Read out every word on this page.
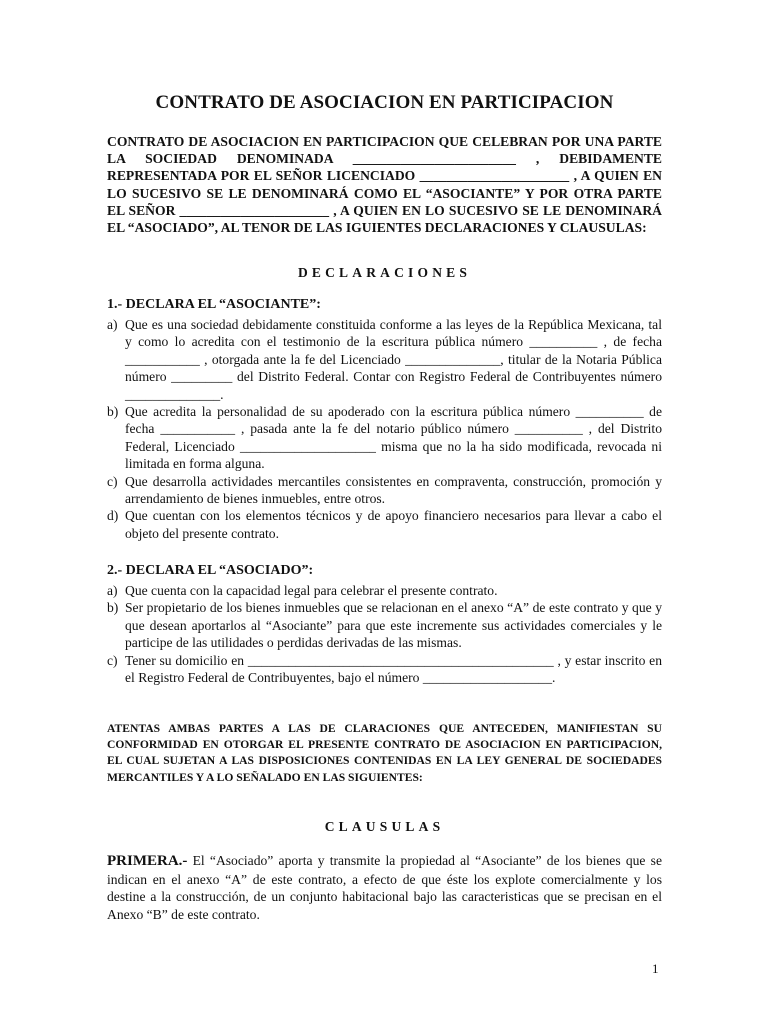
CONTRATO DE ASOCIACION EN PARTICIPACION
CONTRATO DE ASOCIACION EN PARTICIPACION QUE CELEBRAN POR UNA PARTE LA SOCIEDAD DENOMINADA ________________________ , DEBIDAMENTE REPRESENTADA POR EL SEÑOR LICENCIADO ______________________ , A QUIEN EN LO SUCESIVO SE LE DENOMINARÁ COMO EL “ASOCIANTE” Y POR OTRA PARTE EL SEÑOR ______________________ , A QUIEN EN LO SUCESIVO SE LE DENOMINARÁ EL “ASOCIADO”, AL TENOR DE LAS IGUIENTES DECLARACIONES Y CLAUSULAS:
DECLARACIONES
1.- DECLARA EL “ASOCIANTE”:
a) Que es una sociedad debidamente constituida conforme a las leyes de la República Mexicana, tal y como lo acredita con el testimonio de la escritura pública número __________ , de fecha ___________ , otorgada ante la fe del Licenciado ______________, titular de la Notaria Pública número _________ del Distrito Federal. Contar con Registro Federal de Contribuyentes número ______________.
b) Que acredita la personalidad de su apoderado con la escritura pública número __________ de fecha ___________ , pasada ante la fe del notario público número __________ , del Distrito Federal, Licenciado ____________________ misma que no la ha sido modificada, revocada ni limitada en forma alguna.
c) Que desarrolla actividades mercantiles consistentes en compraventa, construcción, promoción y arrendamiento de bienes inmuebles, entre otros.
d) Que cuentan con los elementos técnicos y de apoyo financiero necesarios para llevar a cabo el objeto del presente contrato.
2.- DECLARA EL “ASOCIADO”:
a) Que cuenta con la capacidad legal para celebrar el presente contrato.
b) Ser propietario de los bienes inmuebles que se relacionan en el anexo “A” de este contrato y que y que desean aportarlos al “Asociante” para que este incremente sus actividades comerciales y le participe de las utilidades o perdidas derivadas de las mismas.
c) Tener su domicilio en _____________________________________________ , y estar inscrito en el Registro Federal de Contribuyentes, bajo el número ___________________.
ATENTAS AMBAS PARTES A LAS DE CLARACIONES QUE ANTECEDEN, MANIFIESTAN SU CONFORMIDAD EN OTORGAR EL PRESENTE CONTRATO DE ASOCIACION EN PARTICIPACION, EL CUAL SUJETAN A LAS DISPOSICIONES CONTENIDAS EN LA LEY GENERAL DE SOCIEDADES MERCANTILES Y A LO SEÑALADO EN LAS SIGUIENTES:
CLAUSULAS
PRIMERA.- El “Asociado” aporta y transmite la propiedad al “Asociante” de los bienes que se indican en el anexo “A” de este contrato, a efecto de que éste los explote comercialmente y los destine a la construcción, de un conjunto habitacional bajo las caracteristicas que se precisan en el Anexo “B” de este contrato.
1
